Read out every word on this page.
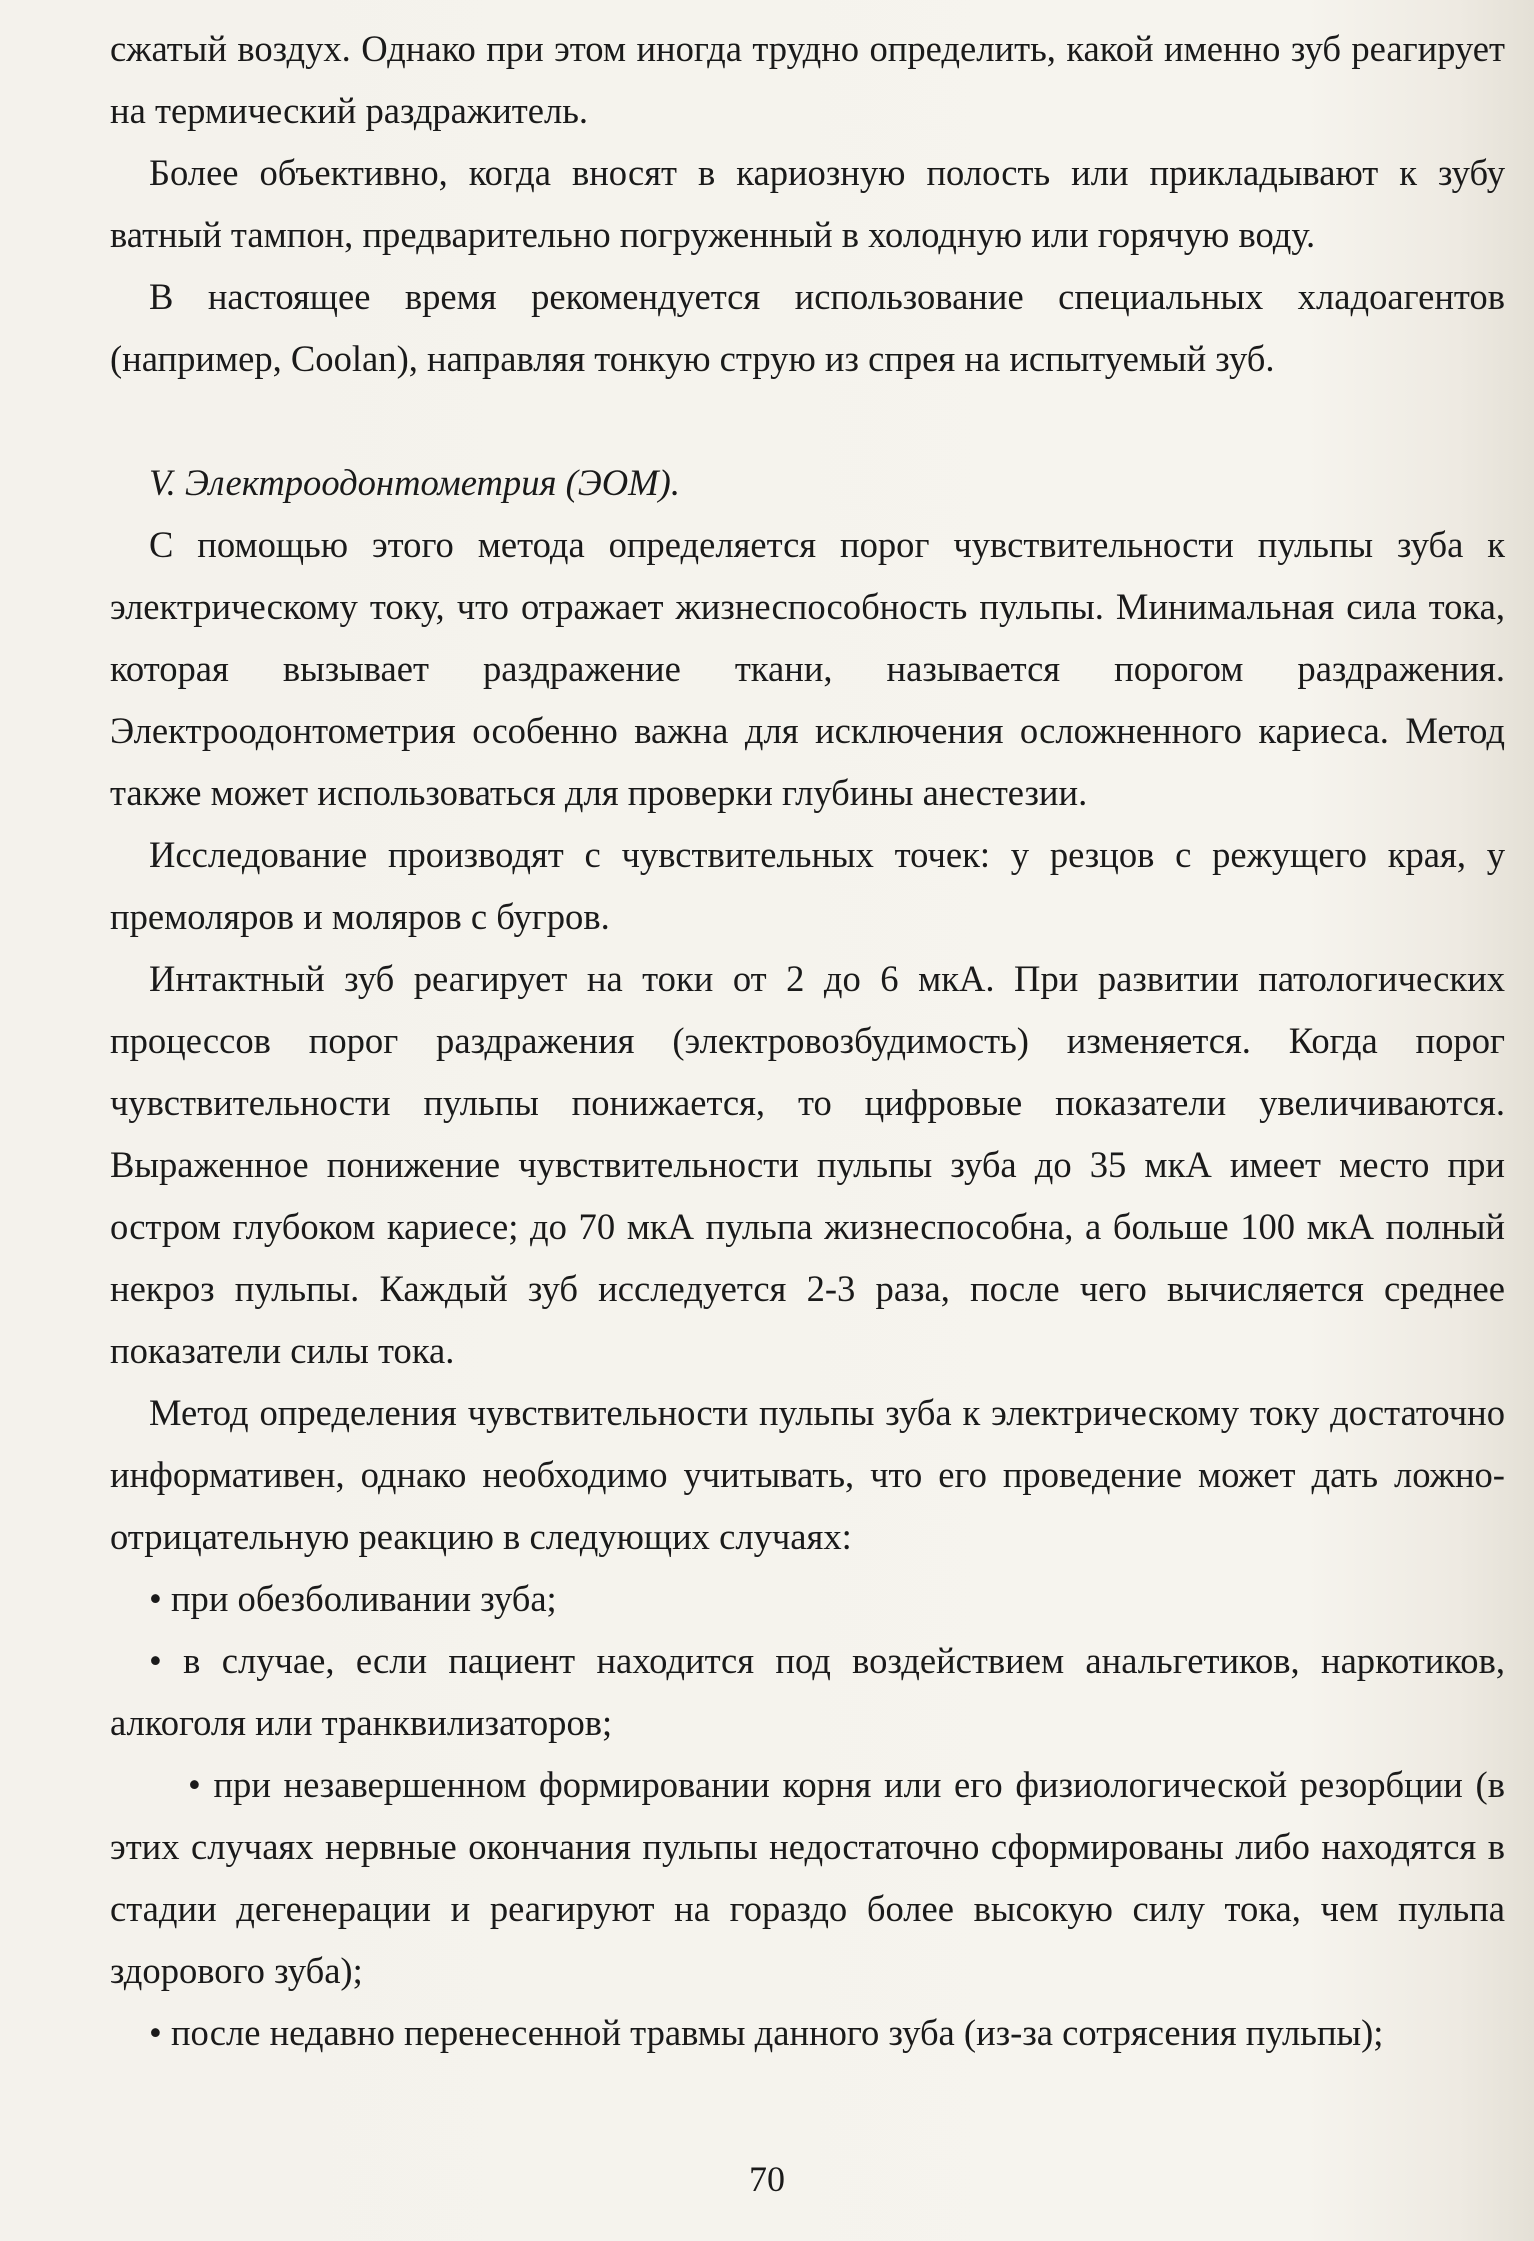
сжатый воздух. Однако при этом иногда трудно определить, какой именно зуб реагирует на термический раздражитель.

Более объективно, когда вносят в кариозную полость или прикладывают к зубу ватный тампон, предварительно погруженный в холодную или горячую воду.

В настоящее время рекомендуется использование специальных хладоагентов (например, Coolan), направляя тонкую струю из спрея на испытуемый зуб.

V. Электроодонтометрия (ЭОМ).

С помощью этого метода определяется порог чувствительности пульпы зуба к электрическому току, что отражает жизнеспособность пульпы. Минимальная сила тока, которая вызывает раздражение ткани, называется порогом раздражения. Электроодонтометрия особенно важна для исключения осложненного кариеса. Метод также может использоваться для проверки глубины анестезии.

Исследование производят с чувствительных точек: у резцов с режущего края, у премоляров и моляров с бугров.

Интактный зуб реагирует на токи от 2 до 6 мкА. При развитии патологических процессов порог раздражения (электровозбудимость) изменяется. Когда порог чувствительности пульпы понижается, то цифровые показатели увеличиваются. Выраженное понижение чувствительности пульпы зуба до 35 мкА имеет место при остром глубоком кариесе; до 70 мкА пульпа жизнеспособна, а больше 100 мкА полный некроз пульпы. Каждый зуб исследуется 2-3 раза, после чего вычисляется среднее показатели силы тока.

Метод определения чувствительности пульпы зуба к электрическому току достаточно информативен, однако необходимо учитывать, что его проведение может дать ложно-отрицательную реакцию в следующих случаях:

• при обезболивании зуба;

• в случае, если пациент находится под воздействием анальгетиков, наркотиков, алкоголя или транквилизаторов;

• при незавершенном формировании корня или его физиологической резорбции (в этих случаях нервные окончания пульпы недостаточно сформированы либо находятся в стадии дегенерации и реагируют на гораздо более высокую силу тока, чем пульпа здорового зуба);

• после недавно перенесенной травмы данного зуба (из-за сотрясения пульпы);

70
